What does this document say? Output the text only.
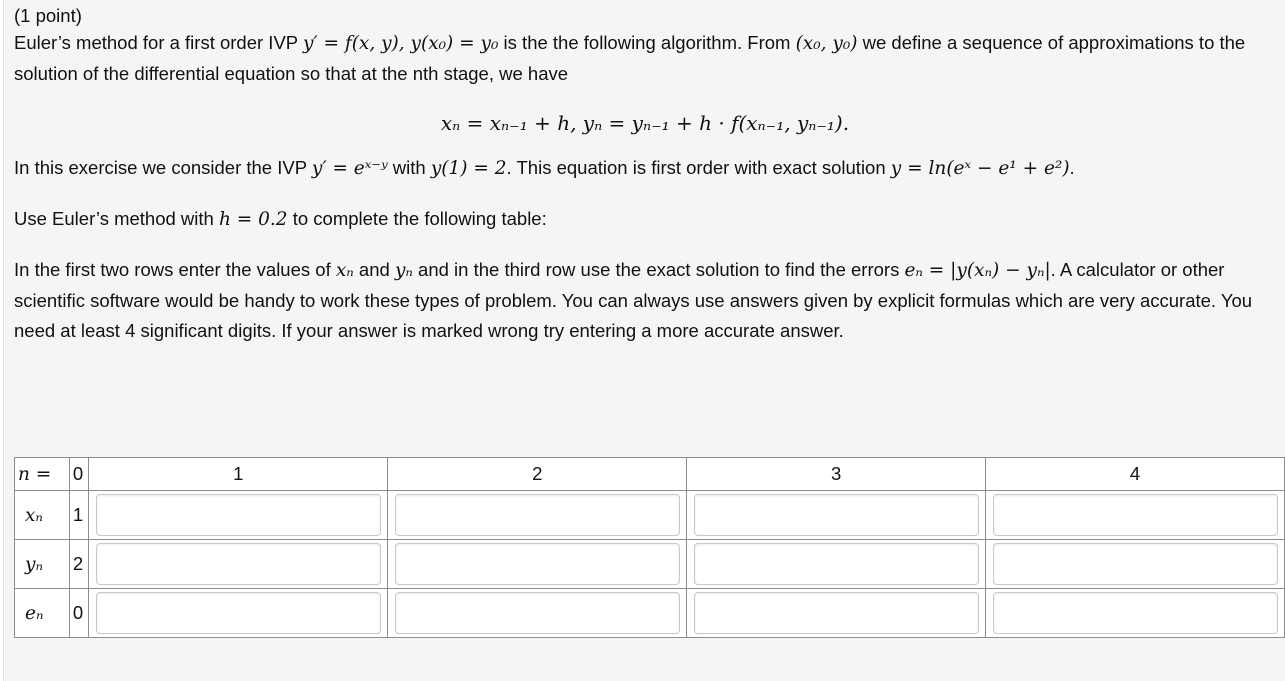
(1 point)

Euler’s method for a first order IVP y′ = f(x, y), y(x₀) = y₀ is the the following algorithm. From (x₀, y₀) we define a sequence of approximations to the solution of the differential equation so that at the nth stage, we have

xₙ = xₙ₋₁ + h, yₙ = yₙ₋₁ + h · f(xₙ₋₁, yₙ₋₁).

In this exercise we consider the IVP y′ = eˣ⁻ʸ with y(1) = 2. This equation is first order with exact solution y = ln(eˣ − e¹ + e²).

Use Euler’s method with h = 0.2 to complete the following table:

In the first two rows enter the values of xₙ and yₙ and in the third row use the exact solution to find the errors eₙ = |y(xₙ) − yₙ|. A calculator or other scientific software would be handy to work these types of problem. You can always use answers given by explicit formulas which are very accurate. You need at least 4 significant digits. If your answer is marked wrong try entering a more accurate answer.

n =	0	1	2	3	4
xₙ	1	

yₙ	2	

eₙ	0	
